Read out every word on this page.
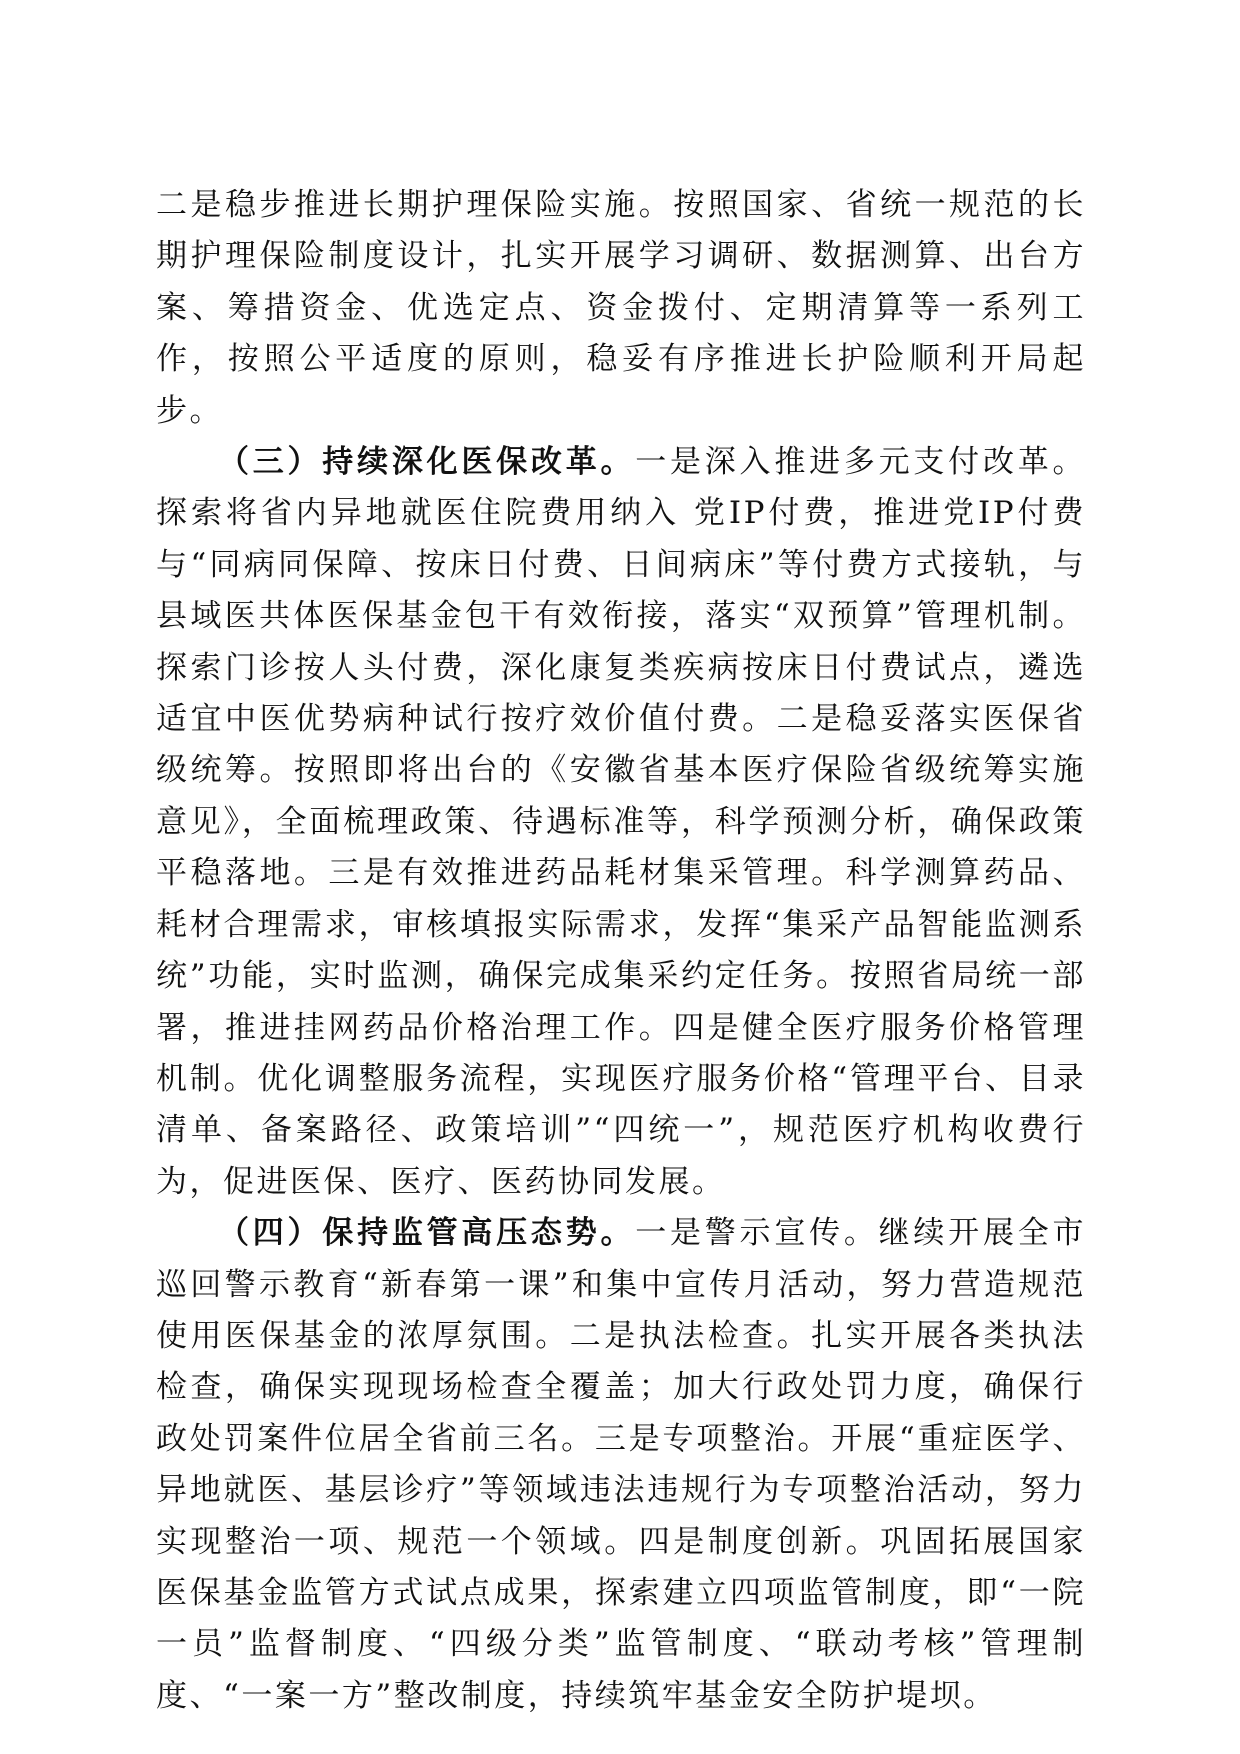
二是稳步推进长期护理保险实施。按照国家、省统一规范的长期护理保险制度设计，扎实开展学习调研、数据测算、出台方案、筹措资金、优选定点、资金拨付、定期清算等一系列工作，按照公平适度的原则，稳妥有序推进长护险顺利开局起步。

（三）持续深化医保改革。一是深入推进多元支付改革。探索将省内异地就医住院费用纳入 党IP付费，推进党IP付费与“同病同保障、按床日付费、日间病床”等付费方式接轨，与县域医共体医保基金包干有效衔接，落实“双预算”管理机制。探索门诊按人头付费，深化康复类疾病按床日付费试点，遴选适宜中医优势病种试行按疗效价值付费。二是稳妥落实医保省级统筹。按照即将出台的《安徽省基本医疗保险省级统筹实施意见》，全面梳理政策、待遇标准等，科学预测分析，确保政策平稳落地。三是有效推进药品耗材集采管理。科学测算药品、耗材合理需求，审核填报实际需求，发挥“集采产品智能监测系统”功能，实时监测，确保完成集采约定任务。按照省局统一部署，推进挂网药品价格治理工作。四是健全医疗服务价格管理机制。优化调整服务流程，实现医疗服务价格“管理平台、目录清单、备案路径、政策培训”“四统一”，规范医疗机构收费行为，促进医保、医疗、医药协同发展。

（四）保持监管高压态势。一是警示宣传。继续开展全市巡回警示教育“新春第一课”和集中宣传月活动，努力营造规范使用医保基金的浓厚氛围。二是执法检查。扎实开展各类执法检查，确保实现现场检查全覆盖；加大行政处罚力度，确保行政处罚案件位居全省前三名。三是专项整治。开展“重症医学、异地就医、基层诊疗”等领域违法违规行为专项整治活动，努力实现整治一项、规范一个领域。四是制度创新。巩固拓展国家医保基金监管方式试点成果，探索建立四项监管制度，即“一院一员”监督制度、“四级分类”监管制度、“联动考核”管理制度、“一案一方”整改制度，持续筑牢基金安全防护堤坝。
